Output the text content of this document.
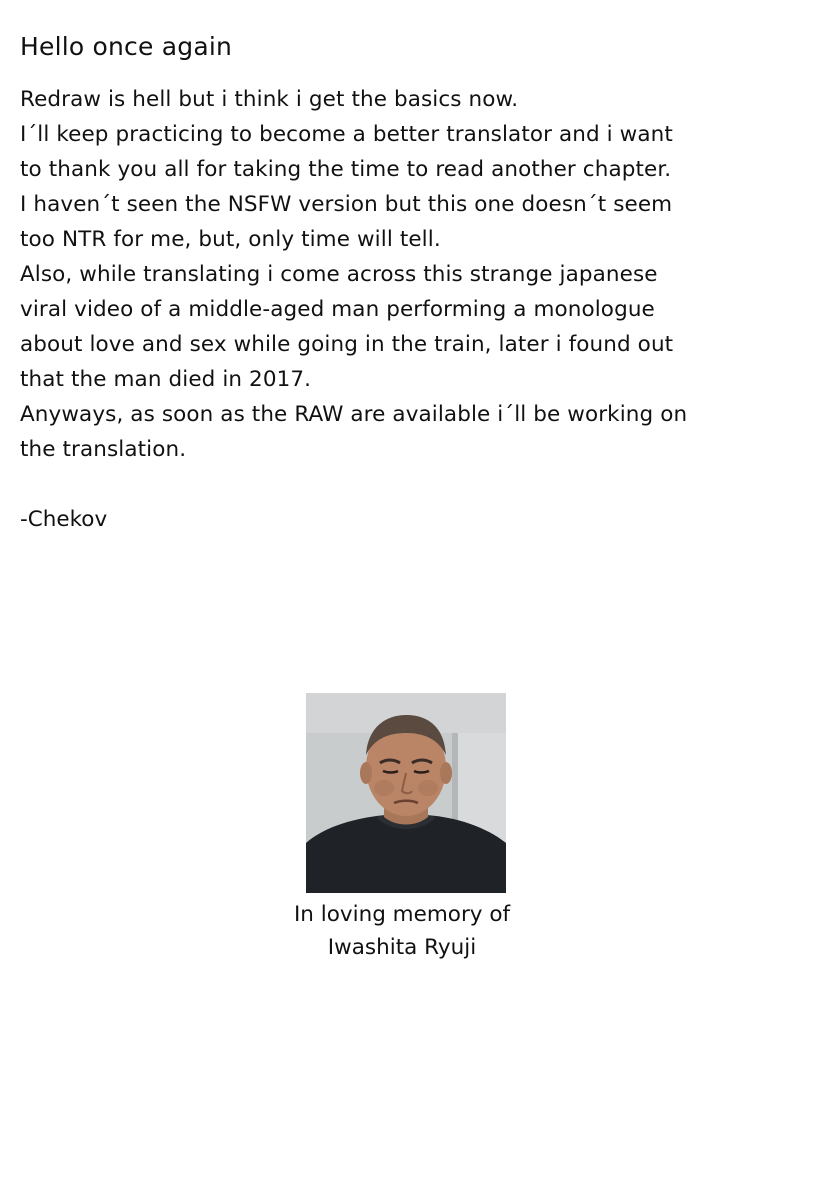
Hello once again
Redraw is hell but i think i get the basics now.
I´ll keep practicing to become a better translator and i want
to thank you all for taking the time to read another chapter.
I haven´t seen the NSFW version but this one doesn´t seem
too NTR for me, but, only time will tell.
Also, while translating i come across this strange japanese
viral video of a middle-aged man performing a monologue
about love and sex while going in the train, later i found out
that the man died in 2017.
Anyways, as soon as the RAW are available i´ll be working on
the translation.
-Chekov
In loving memory of
Iwashita Ryuji
